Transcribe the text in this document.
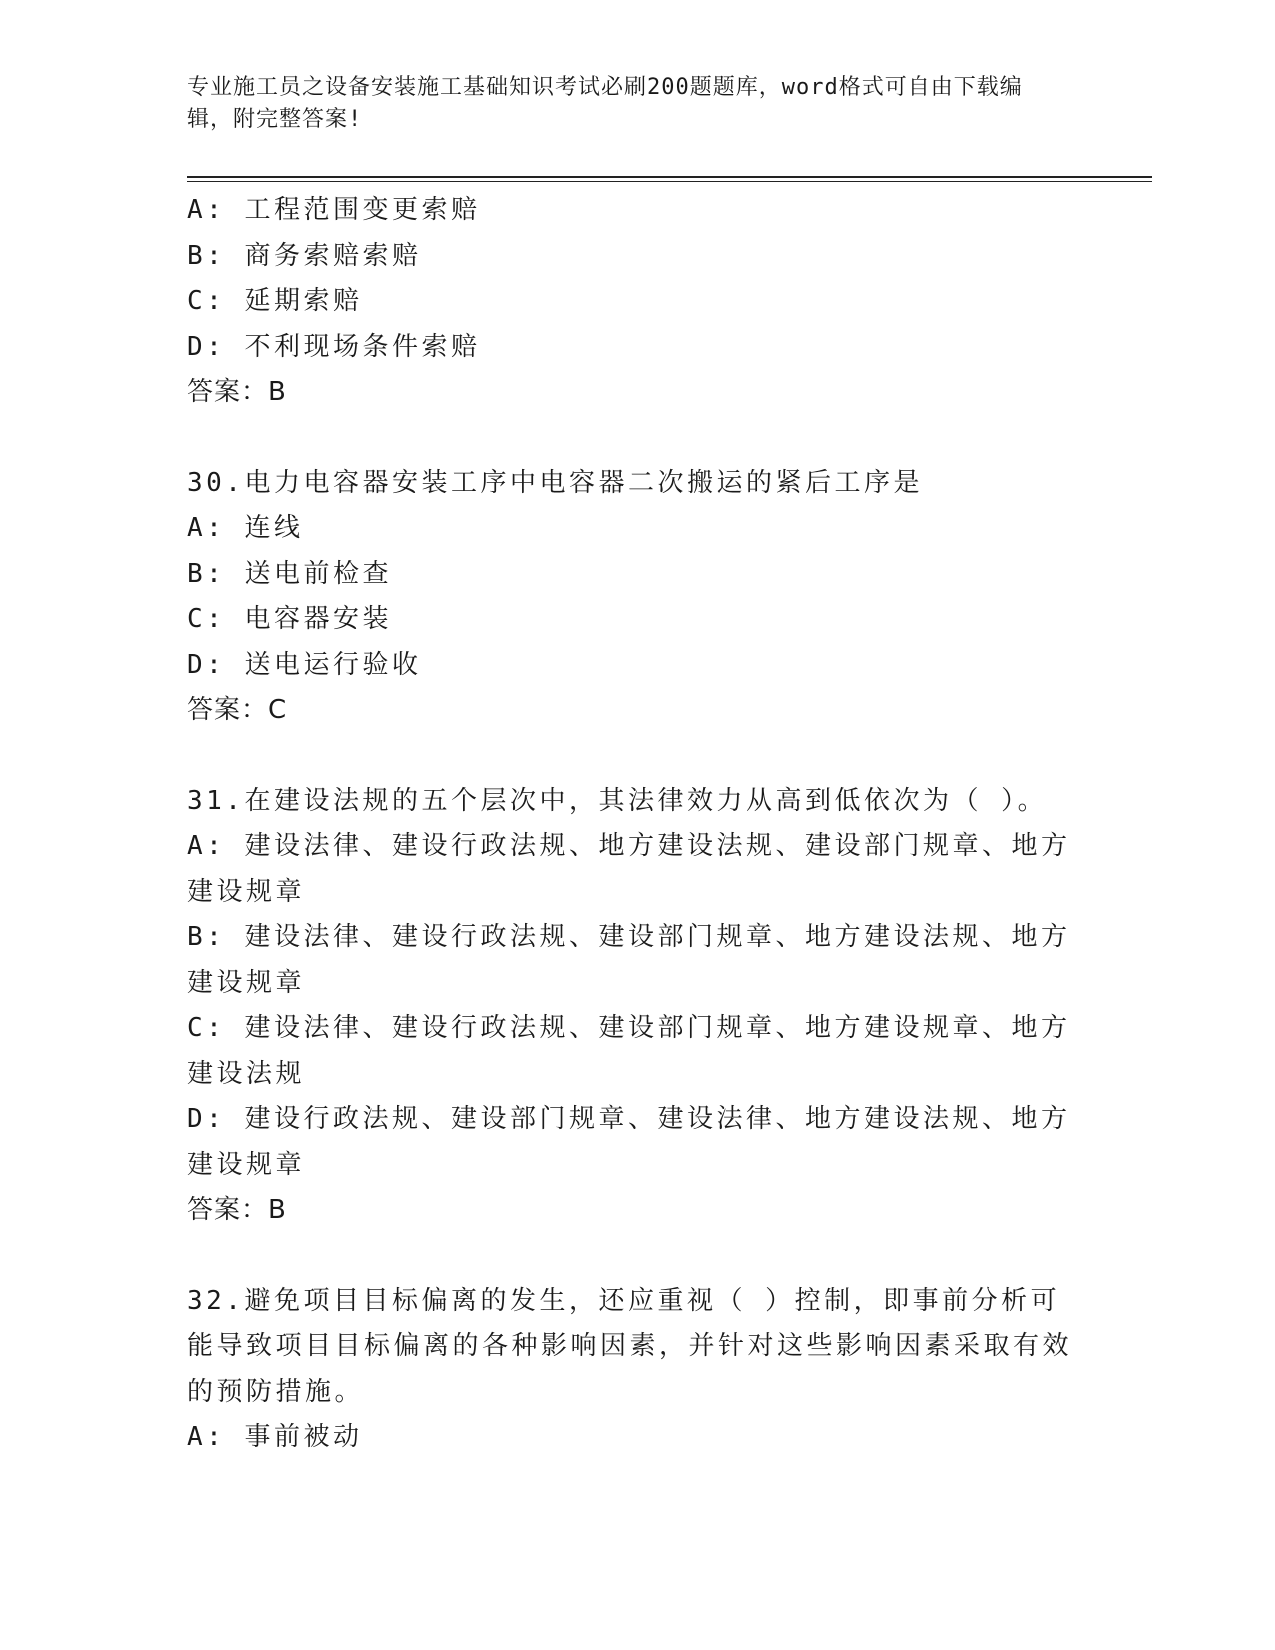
专业施工员之设备安装施工基础知识考试必刷200题题库，word格式可自由下载编辑，附完整答案!
A: 工程范围变更索赔
B: 商务索赔索赔
C: 延期索赔
D: 不利现场条件索赔
答案：B
30.电力电容器安装工序中电容器二次搬运的紧后工序是
A: 连线
B: 送电前检查
C: 电容器安装
D: 送电运行验收
答案：C
31.在建设法规的五个层次中，其法律效力从高到低依次为（ ）。
A: 建设法律、建设行政法规、地方建设法规、建设部门规章、地方建设规章
B: 建设法律、建设行政法规、建设部门规章、地方建设法规、地方建设规章
C: 建设法律、建设行政法规、建设部门规章、地方建设规章、地方建设法规
D: 建设行政法规、建设部门规章、建设法律、地方建设法规、地方建设规章
答案：B
32.避免项目目标偏离的发生，还应重视（ ）控制，即事前分析可能导致项目目标偏离的各种影响因素，并针对这些影响因素采取有效的预防措施。
A: 事前被动
